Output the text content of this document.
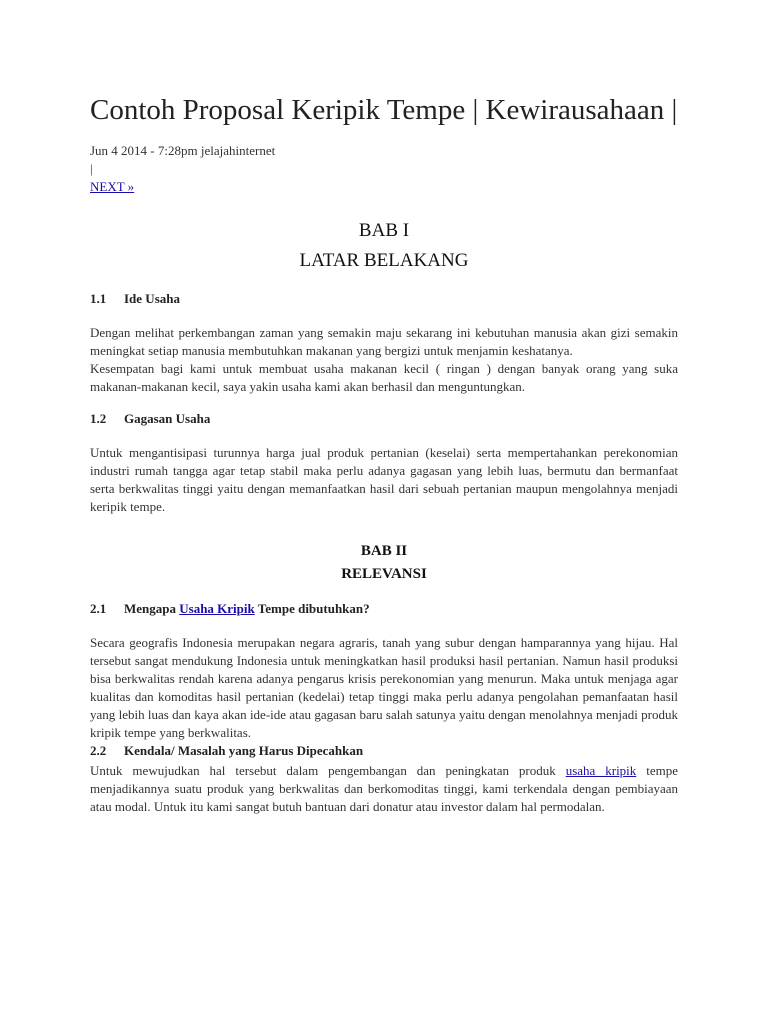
Contoh Proposal Keripik Tempe | Kewirausahaan |
Jun 4 2014 - 7:28pm jelajahinternet
|
NEXT »
BAB I
LATAR BELAKANG
1.1 Ide Usaha

Dengan melihat perkembangan zaman yang semakin maju sekarang ini kebutuhan manusia akan gizi semakin meningkat setiap manusia membutuhkan makanan yang bergizi untuk menjamin keshatanya.

Kesempatan bagi kami untuk membuat usaha makanan kecil ( ringan ) dengan banyak orang yang suka makanan-makanan kecil, saya yakin usaha kami akan berhasil dan menguntungkan.

1.2 Gagasan Usaha

Untuk mengantisipasi turunnya harga jual produk pertanian (keselai) serta mempertahankan perekonomian industri rumah tangga agar tetap stabil maka perlu adanya gagasan yang lebih luas, bermutu dan bermanfaat serta berkwalitas tinggi yaitu dengan memanfaatkan hasil dari sebuah pertanian maupun mengolahnya menjadi keripik tempe.

BAB II
RELEVANSI
2.1 Mengapa Usaha Kripik Tempe dibutuhkan?

Secara geografis Indonesia merupakan negara agraris, tanah yang subur dengan hamparannya yang hijau. Hal tersebut sangat mendukung Indonesia untuk meningkatkan hasil produksi hasil pertanian. Namun hasil produksi bisa berkwalitas rendah karena adanya pengarus krisis perekonomian yang menurun. Maka untuk menjaga agar kualitas dan komoditas hasil pertanian (kedelai) tetap tinggi maka perlu adanya pengolahan pemanfaatan hasil yang lebih luas dan kaya akan ide-ide atau gagasan baru salah satunya yaitu dengan menolahnya menjadi produk kripik tempe yang berkwalitas.

2.2 Kendala/ Masalah yang Harus Dipecahkan

Untuk mewujudkan hal tersebut dalam pengembangan dan peningkatan produk usaha kripik tempe menjadikannya suatu produk yang berkwalitas dan berkomoditas tinggi, kami terkendala dengan pembiayaan atau modal. Untuk itu kami sangat butuh bantuan dari donatur atau investor dalam hal permodalan.
